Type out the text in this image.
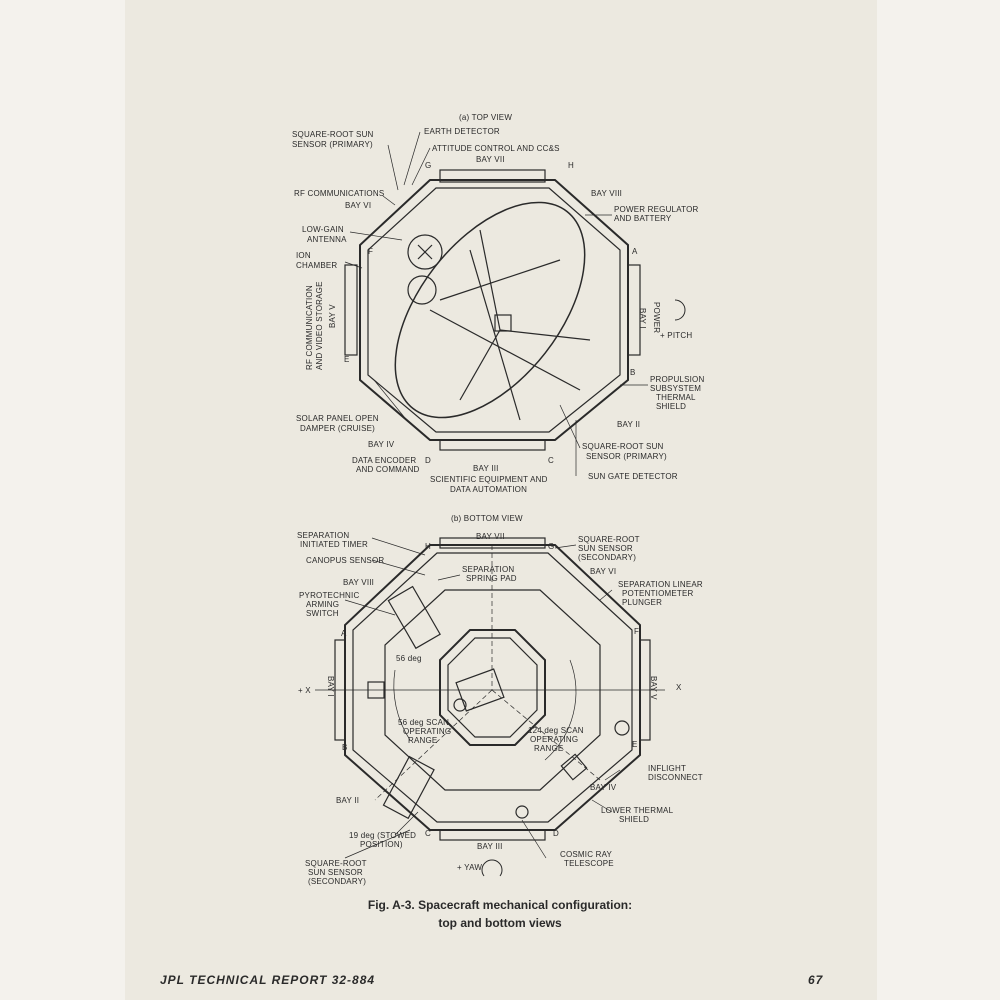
(a) TOP VIEW
SQUARE-ROOT SUN
SENSOR (PRIMARY)
EARTH DETECTOR
ATTITUDE CONTROL AND CC&S
BAY VII
G	H
RF COMMUNICATIONS	BAY VIII
BAY VI	POWER REGULATOR
AND BATTERY
LOW-GAIN
ANTENNA
ION
CHAMBER
F	A
RF COMMUNICATION AND VIDEO STORAGE BAY V	BAY I POWER
+ PITCH
E
B
PROPULSION
SUBSYSTEM
THERMAL
SHIELD
SOLAR PANEL OPEN
DAMPER (CRUISE)	BAY II
BAY IV	SQUARE-ROOT SUN
SENSOR (PRIMARY)
DATA ENCODER
AND COMMAND
D	C
BAY III
SCIENTIFIC EQUIPMENT AND
DATA AUTOMATION
SUN GATE DETECTOR
(b) BOTTOM VIEW
SEPARATION
INITIATED TIMER	H
BAY VII
G
SQUARE-ROOT
SUN SENSOR
(SECONDARY)
CANOPUS SENSOR
SEPARATION
SPRING PAD
BAY VIII
BAY VI
PYROTECHNIC
ARMING
SWITCH
SEPARATION LINEAR
POTENTIOMETER
PLUNGER
A	F
56 deg
+ X BAY I	BAY V X
56 deg SCAN
OPERATING
RANGE
124 deg SCAN
OPERATING
RANGE
B	E
INFLIGHT
DISCONNECT
BAY II
BAY IV
LOWER THERMAL
SHIELD
19 deg (STOWED
POSITION)
C	D
BAY III
COSMIC RAY
TELESCOPE
+ YAW
SQUARE-ROOT
SUN SENSOR
(SECONDARY)
Fig. A-3. Spacecraft mechanical configuration:
top and bottom views
JPL TECHNICAL REPORT 32-884	67
